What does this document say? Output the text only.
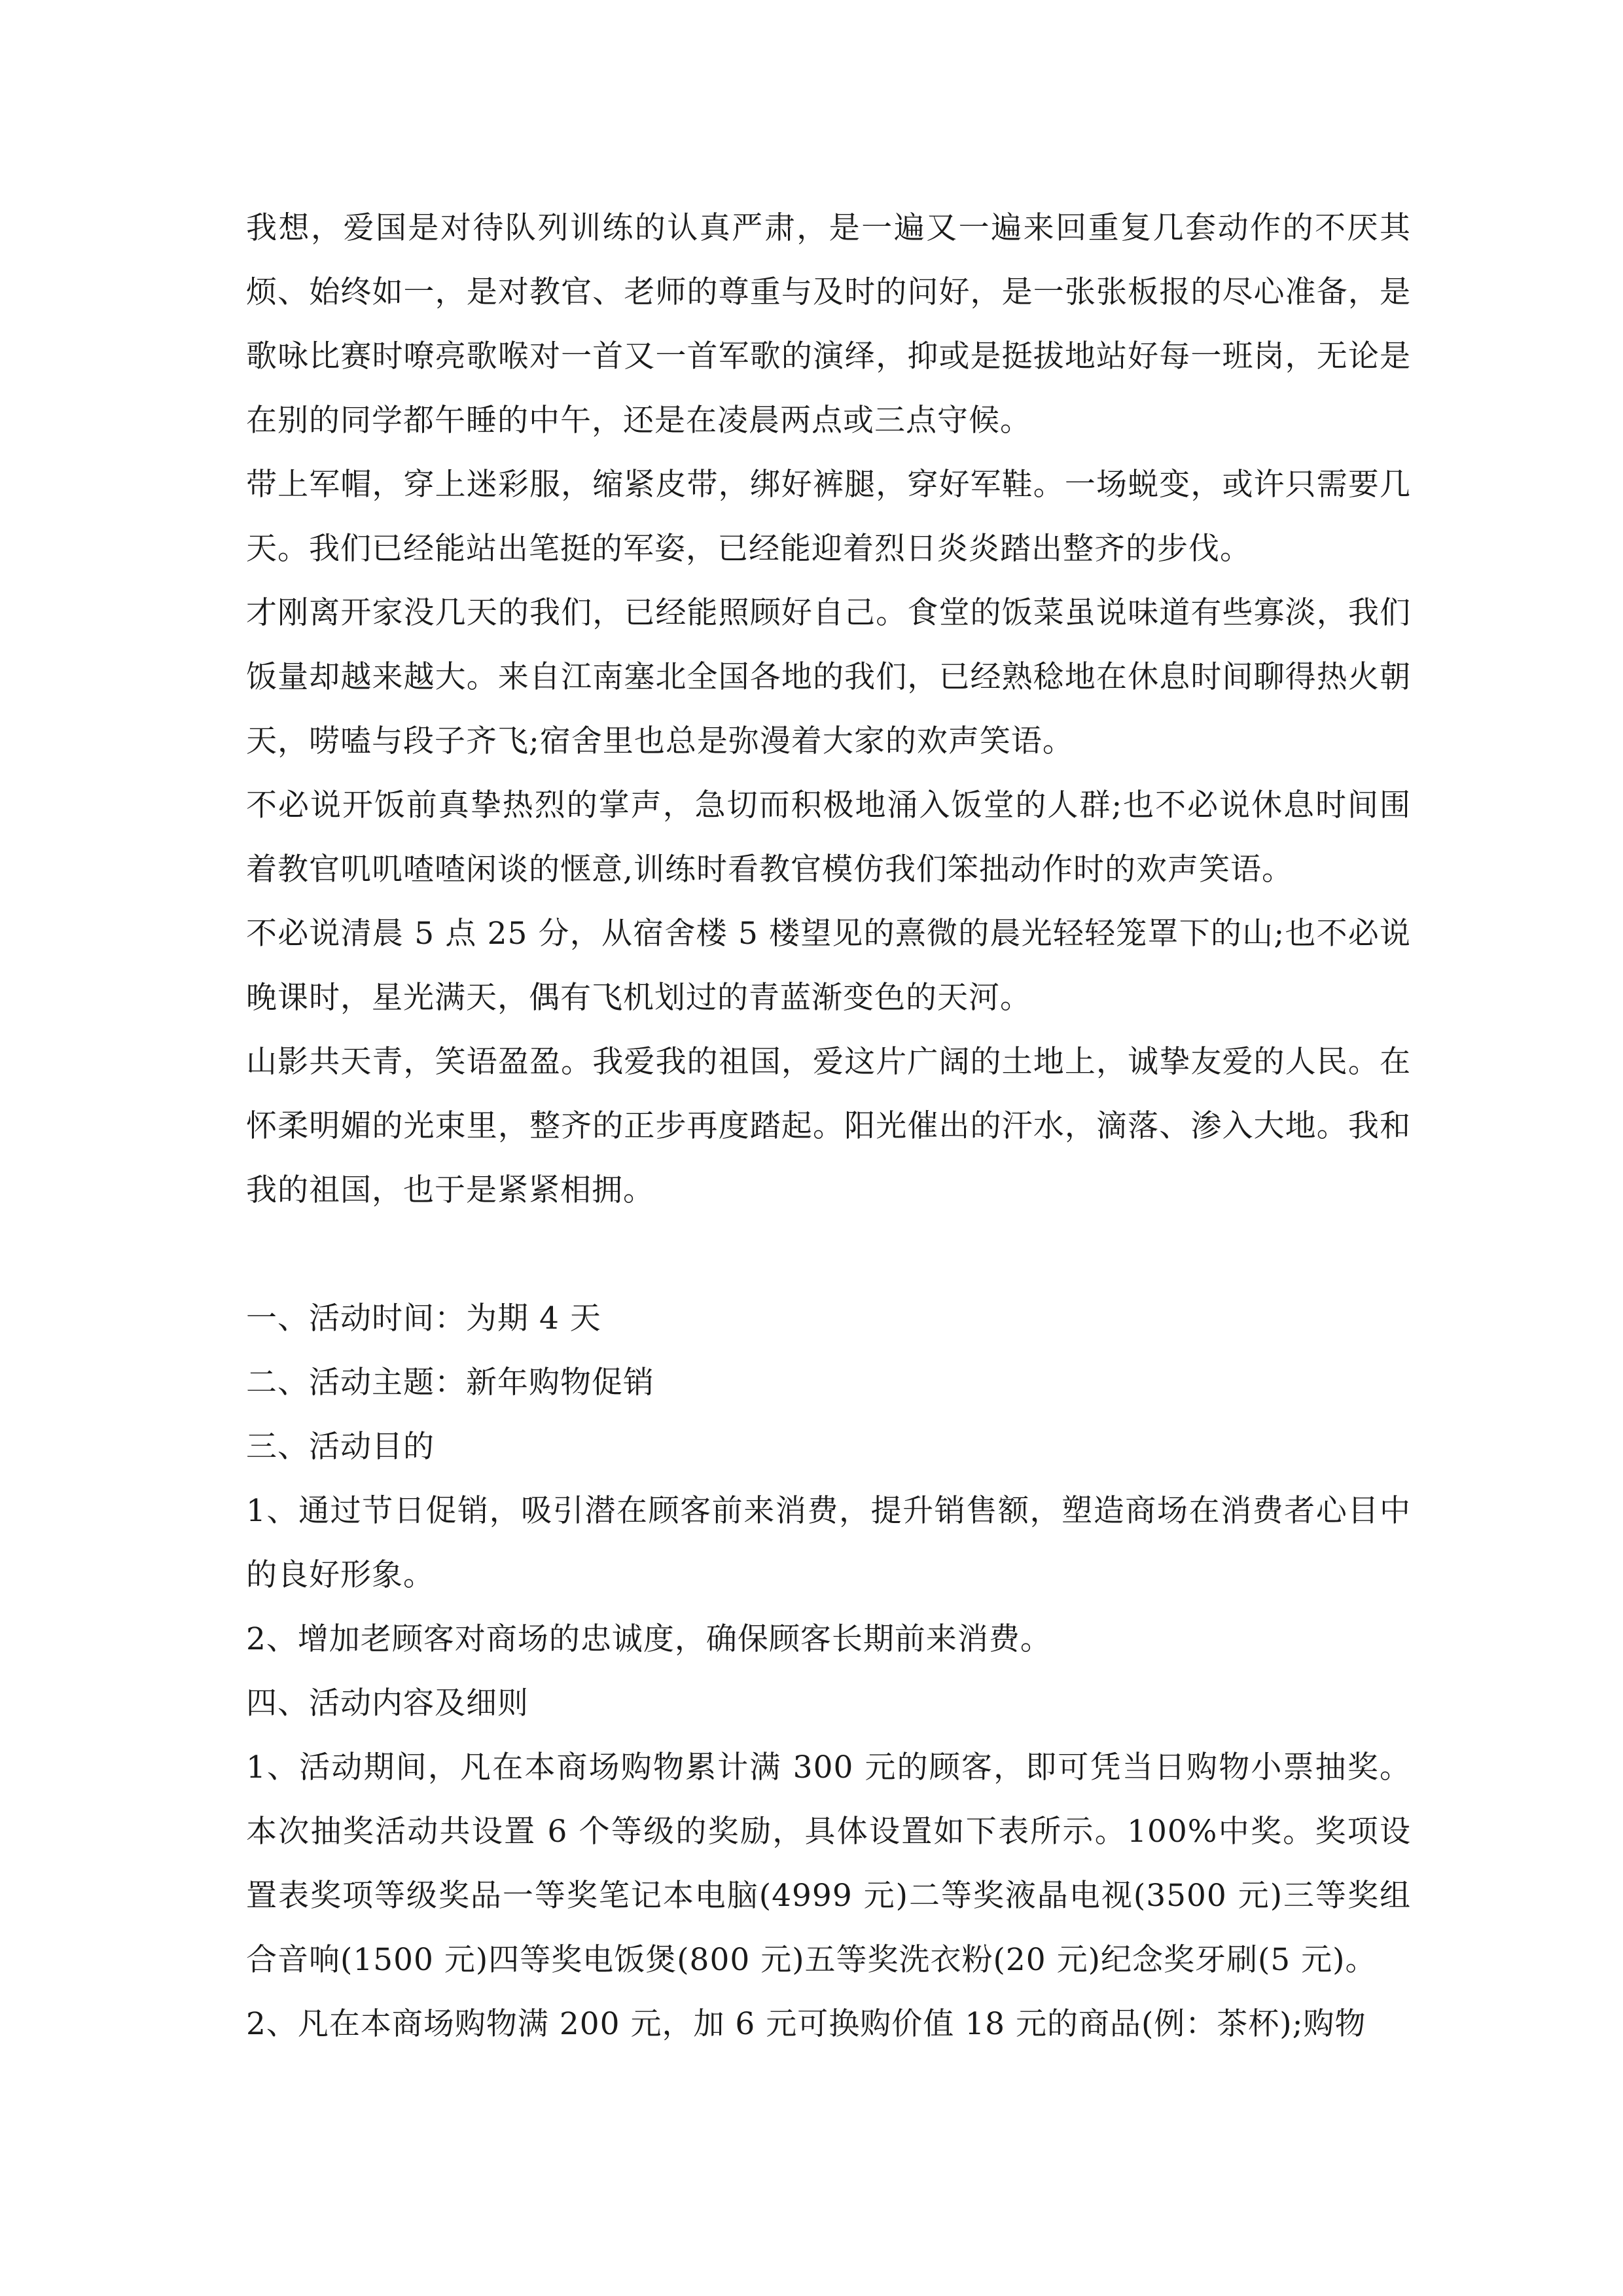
我想，爱国是对待队列训练的认真严肃，是一遍又一遍来回重复几套动作的不厌其烦、始终如一，是对教官、老师的尊重与及时的问好，是一张张板报的尽心准备，是歌咏比赛时嘹亮歌喉对一首又一首军歌的演绎，抑或是挺拔地站好每一班岗，无论是在别的同学都午睡的中午，还是在凌晨两点或三点守候。

带上军帽，穿上迷彩服，缩紧皮带，绑好裤腿，穿好军鞋。一场蜕变，或许只需要几天。我们已经能站出笔挺的军姿，已经能迎着烈日炎炎踏出整齐的步伐。

才刚离开家没几天的我们，已经能照顾好自己。食堂的饭菜虽说味道有些寡淡，我们饭量却越来越大。来自江南塞北全国各地的我们，已经熟稔地在休息时间聊得热火朝天，唠嗑与段子齐飞;宿舍里也总是弥漫着大家的欢声笑语。

不必说开饭前真挚热烈的掌声，急切而积极地涌入饭堂的人群;也不必说休息时间围着教官叽叽喳喳闲谈的惬意,训练时看教官模仿我们笨拙动作时的欢声笑语。

不必说清晨 5 点 25 分，从宿舍楼 5 楼望见的熹微的晨光轻轻笼罩下的山;也不必说晚课时，星光满天，偶有飞机划过的青蓝渐变色的天河。

山影共天青，笑语盈盈。我爱我的祖国，爱这片广阔的土地上，诚挚友爱的人民。在怀柔明媚的光束里，整齐的正步再度踏起。阳光催出的汗水，滴落、渗入大地。我和我的祖国，也于是紧紧相拥。

一、活动时间：为期 4 天

二、活动主题：新年购物促销

三、活动目的

1、通过节日促销，吸引潜在顾客前来消费，提升销售额，塑造商场在消费者心目中的良好形象。

2、增加老顾客对商场的忠诚度，确保顾客长期前来消费。

四、活动内容及细则

1、活动期间，凡在本商场购物累计满 300 元的顾客，即可凭当日购物小票抽奖。本次抽奖活动共设置 6 个等级的奖励，具体设置如下表所示。100%中奖。奖项设置表奖项等级奖品一等奖笔记本电脑(4999 元)二等奖液晶电视(3500 元)三等奖组合音响(1500 元)四等奖电饭煲(800 元)五等奖洗衣粉(20 元)纪念奖牙刷(5 元)。

2、凡在本商场购物满 200 元，加 6 元可换购价值 18 元的商品(例：茶杯);购物
